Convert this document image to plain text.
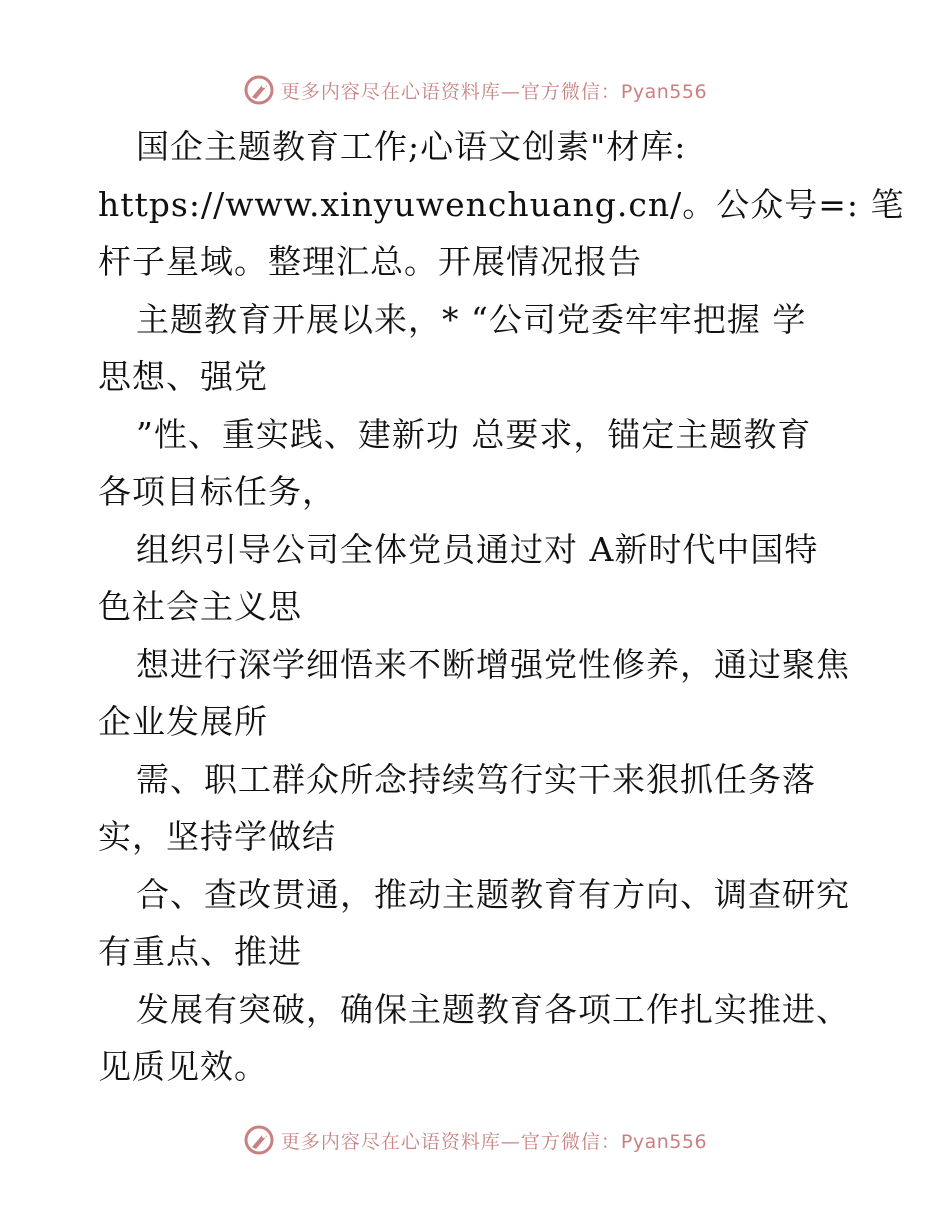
更多内容尽在心语资料库—官方微信：Pyan556
国企主题教育工作;心语文创素"材库:
https://www.xinyuwenchuang.cn/。公众号=: 笔
杆子星域。整理汇总。开展情况报告
主题教育开展以来，* “公司党委牢牢把握 学
思想、强党
”性、重实践、建新功 总要求，锚定主题教育
各项目标任务，
组织引导公司全体党员通过对 A新时代中国特
色社会主义思
想进行深学细悟来不断增强党性修养，通过聚焦
企业发展所
需、职工群众所念持续笃行实干来狠抓任务落
实，坚持学做结
合、查改贯通，推动主题教育有方向、调查研究
有重点、推进
发展有突破，确保主题教育各项工作扎实推进、
见质见效。
更多内容尽在心语资料库—官方微信：Pyan556
